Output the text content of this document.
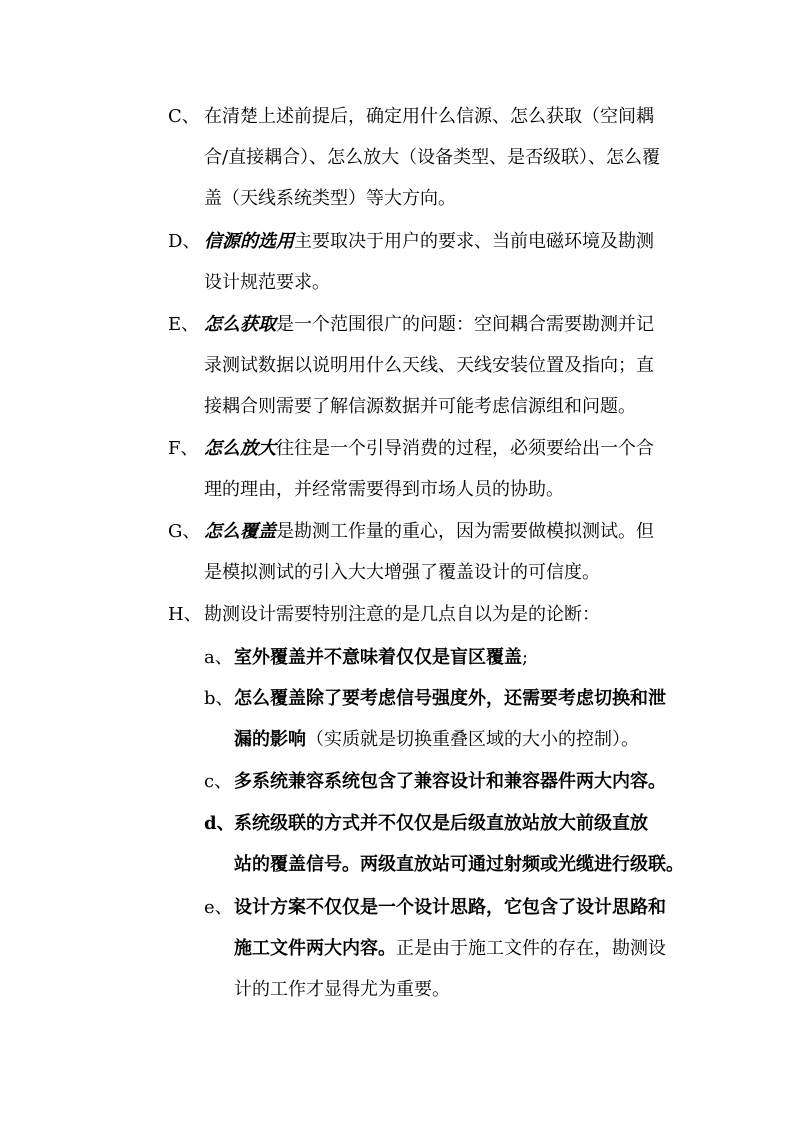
C、 在清楚上述前提后，确定用什么信源、怎么获取（空间耦
合/直接耦合）、怎么放大（设备类型、是否级联）、怎么覆
盖（天线系统类型）等大方向。
D、 信源的选用主要取决于用户的要求、当前电磁环境及勘测
设计规范要求。
E、 怎么获取是一个范围很广的问题：空间耦合需要勘测并记
录测试数据以说明用什么天线、天线安装位置及指向；直
接耦合则需要了解信源数据并可能考虑信源组和问题。
F、 怎么放大往往是一个引导消费的过程，必须要给出一个合
理的理由，并经常需要得到市场人员的协助。
G、 怎么覆盖是勘测工作量的重心，因为需要做模拟测试。但
是模拟测试的引入大大增强了覆盖设计的可信度。
H、 勘测设计需要特别注意的是几点自以为是的论断：
a、室外覆盖并不意味着仅仅是盲区覆盖;
b、怎么覆盖除了要考虑信号强度外，还需要考虑切换和泄
漏的影响（实质就是切换重叠区域的大小的控制）。
c、 多系统兼容系统包含了兼容设计和兼容器件两大内容。
d、系统级联的方式并不仅仅是后级直放站放大前级直放
站的覆盖信号。两级直放站可通过射频或光缆进行级联。
e、设计方案不仅仅是一个设计思路，它包含了设计思路和
施工文件两大内容。正是由于施工文件的存在，勘测设
计的工作才显得尤为重要。
